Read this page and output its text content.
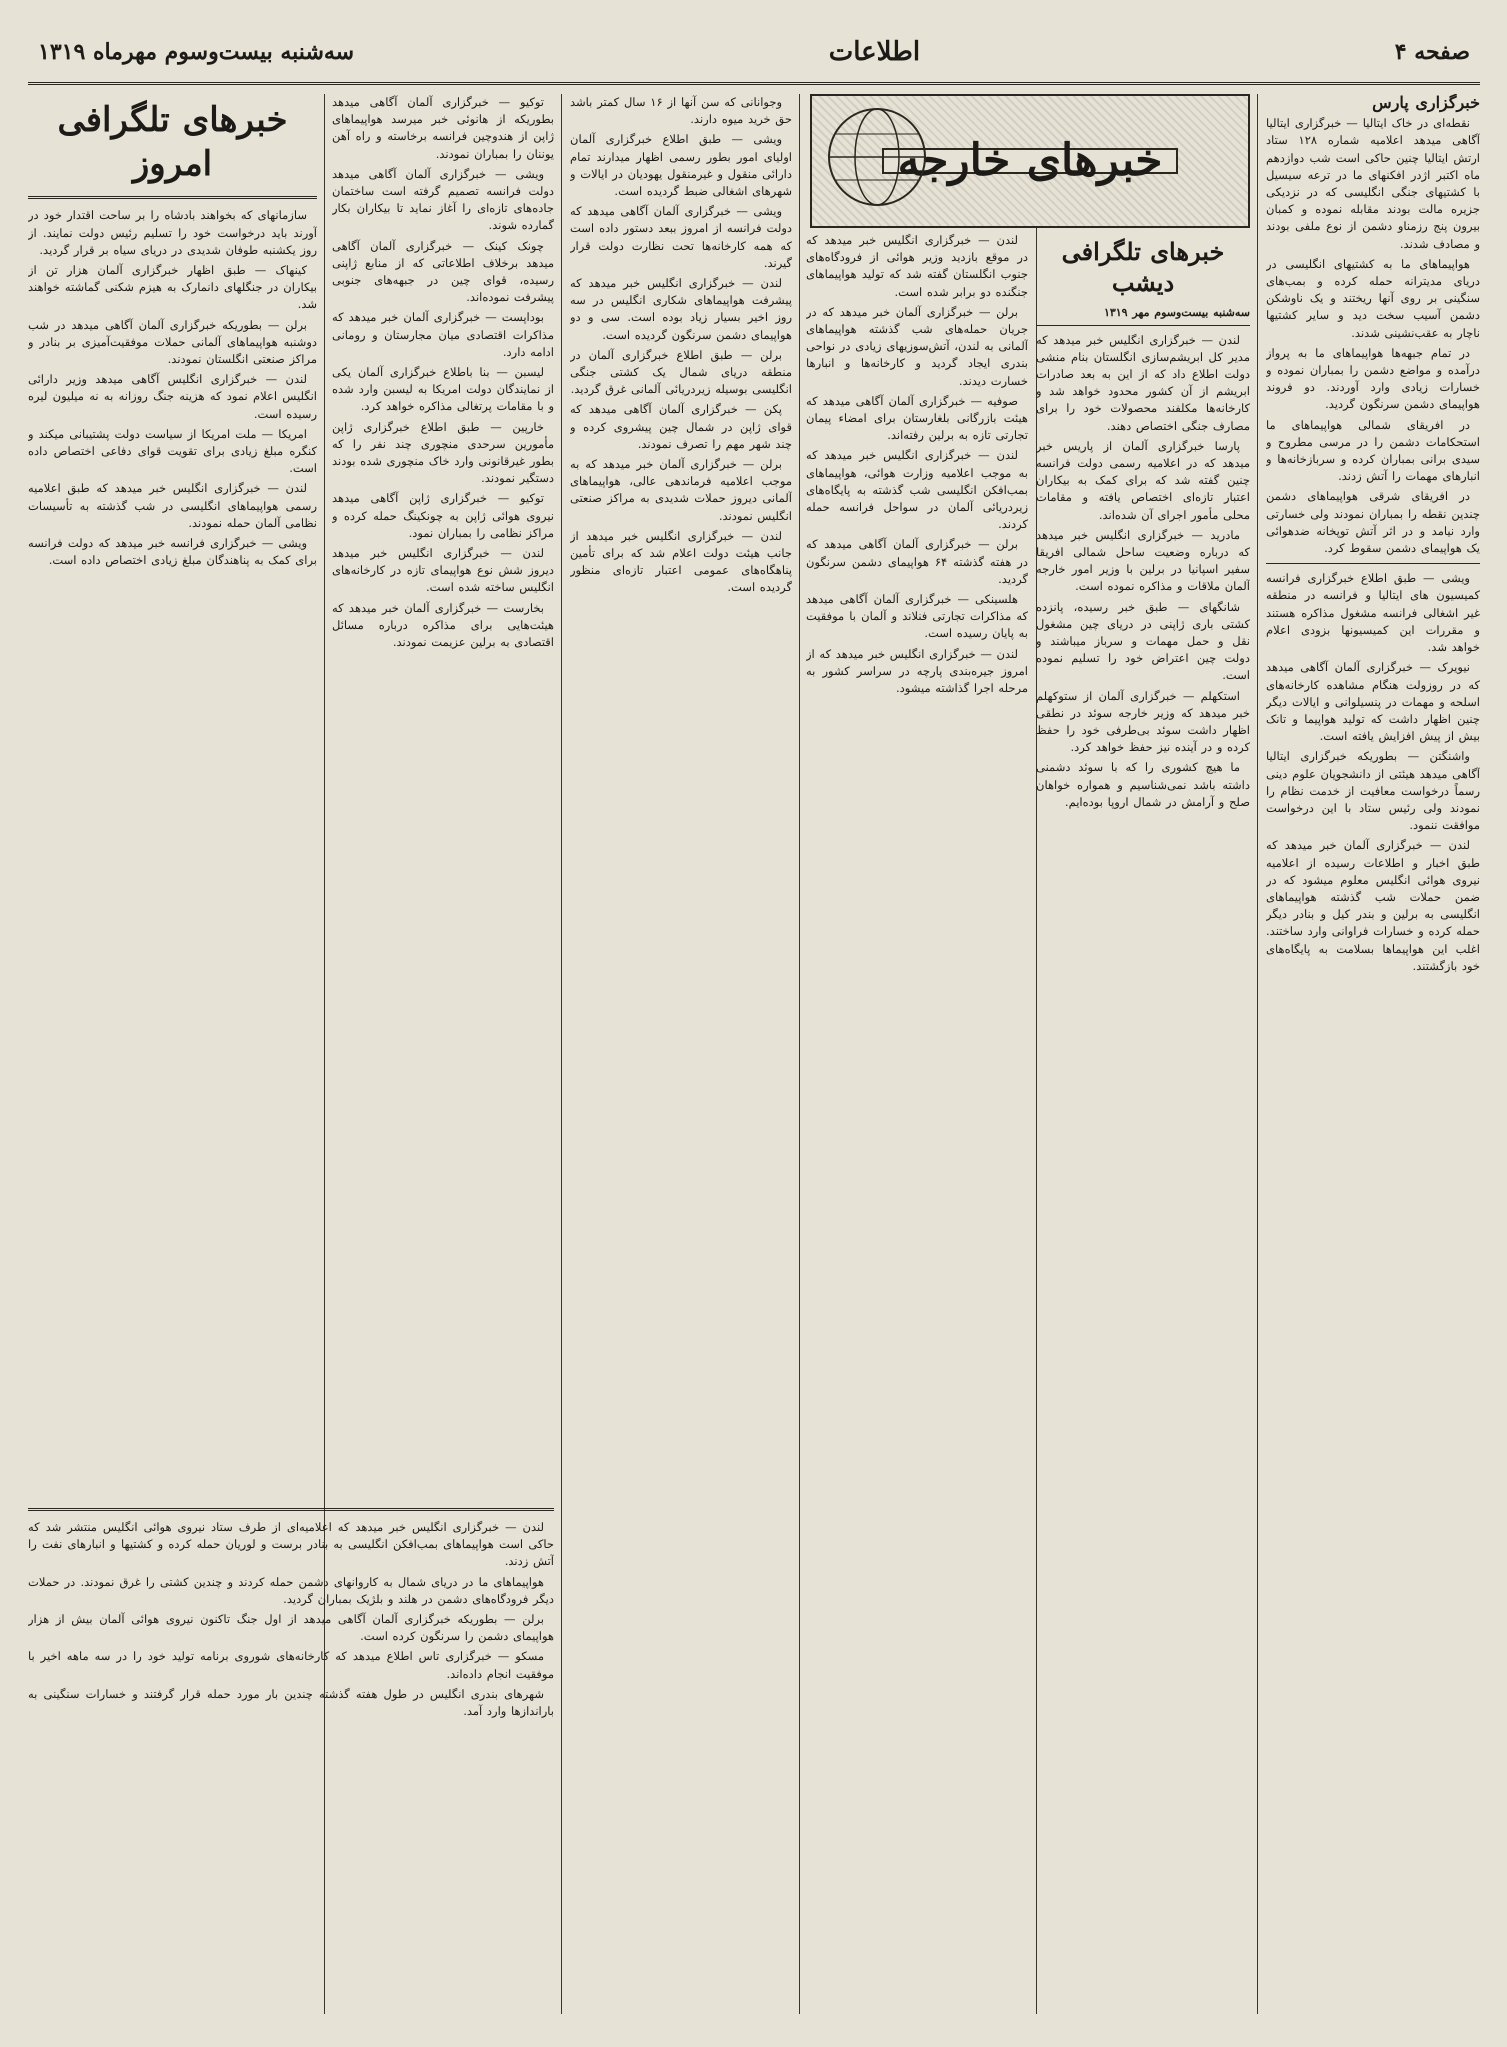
صفحه ۴
اطلاعات
سه‌شنبه بیست‌وسوم مهرماه ۱۳۱۹
خبرگزاری پارس

نقطه‌ای در خاک ایتالیا — خبرگزاری ایتالیا آگاهی میدهد اعلامیه شماره ۱۲۸ ستاد ارتش ایتالیا چنین حاکی است شب دوازدهم ماه اکتبر اژدر افکنهای ما در ترعه سیسیل با کشتیهای جنگی انگلیسی که در نزدیکی جزیره مالت بودند مقابله نموده و کمبان بیرون پنج رزمناو دشمن از نوع ملفی بودند و مصادف شدند.

هواپیماهای ما به کشتیهای انگلیسی در دریای مدیترانه حمله کرده و بمب‌های سنگینی بر روی آنها ریختند و یک ناوشکن دشمن آسیب سخت دید و سایر کشتیها ناچار به عقب‌نشینی شدند.

در تمام جبهه‌ها هواپیماهای ما به پرواز درآمده و مواضع دشمن را بمباران نموده و خسارات زیادی وارد آوردند. دو فروند هواپیمای دشمن سرنگون گردید.

در افریقای شمالی هواپیماهای ما استحکامات دشمن را در مرسی مطروح و سیدی برانی بمباران کرده و سربازخانه‌ها و انبارهای مهمات را آتش زدند.

در افریقای شرقی هواپیماهای دشمن چندین نقطه را بمباران نمودند ولی خسارتی وارد نیامد و در اثر آتش توپخانه ضدهوائی یک هواپیمای دشمن سقوط کرد.

ویشی — طبق اطلاع خبرگزاری فرانسه کمیسیون های ایتالیا و فرانسه در منطقه غیر اشغالی فرانسه مشغول مذاکره هستند و مقررات این کمیسیونها بزودی اعلام خواهد شد.

نیویرک — خبرگزاری آلمان آگاهی میدهد که در روزولت هنگام مشاهده کارخانه‌های اسلحه و مهمات در پنسیلوانی و ایالات دیگر چنین اظهار داشت که تولید هواپیما و تانک بیش از پیش افزایش یافته است.

واشنگتن — بطوریکه خبرگزاری ایتالیا آگاهی میدهد هیئتی از دانشجویان علوم دینی رسماً درخواست معافیت از خدمت نظام را نمودند ولی رئیس ستاد با این درخواست موافقت ننمود.

لندن — خبرگزاری آلمان خبر میدهد که طبق اخبار و اطلاعات رسیده از اعلامیه نیروی هوائی انگلیس معلوم میشود که در ضمن حملات شب گذشته هواپیماهای انگلیسی به برلین و بندر کیل و بنادر دیگر حمله کرده و خسارات فراوانی وارد ساختند. اغلب این هواپیماها بسلامت به پایگاه‌های خود بازگشتند.

خبرهای خارجه

لندن — خبرگزاری انگلیس خبر میدهد که در موقع بازدید وزیر هوائی از فرودگاه‌های جنوب انگلستان گفته شد که تولید هواپیماهای جنگنده دو برابر شده است.

برلن — خبرگزاری آلمان خبر میدهد که در جریان حمله‌های شب گذشته هواپیماهای آلمانی به لندن، آتش‌سوزیهای زیادی در نواحی بندری ایجاد گردید و کارخانه‌ها و انبارها خسارت دیدند.

صوفیه — خبرگزاری آلمان آگاهی میدهد که هیئت بازرگانی بلغارستان برای امضاء پیمان تجارتی تازه به برلین رفته‌اند.

لندن — خبرگزاری انگلیس خبر میدهد که به موجب اعلامیه وزارت هوائی، هواپیماهای بمب‌افکن انگلیسی شب گذشته به پایگاه‌های زیردریائی آلمان در سواحل فرانسه حمله کردند.

برلن — خبرگزاری آلمان آگاهی میدهد که در هفته گذشته ۶۴ هواپیمای دشمن سرنگون گردید.

هلسینکی — خبرگزاری آلمان آگاهی میدهد که مذاکرات تجارتی فنلاند و آلمان با موفقیت به پایان رسیده است.

لندن — خبرگزاری انگلیس خبر میدهد که از امروز جیره‌بندی پارچه در سراسر کشور به مرحله اجرا گذاشته میشود.

خبرهای تلگرافی دیشب
سه‌شنبه بیست‌وسوم مهر ۱۳۱۹

لندن — خبرگزاری انگلیس خبر میدهد که مدیر کل ابریشم‌سازی انگلستان بنام منشی دولت اطلاع داد که از این به بعد صادرات ابریشم از آن کشور محدود خواهد شد و کارخانه‌ها مکلفند محصولات خود را برای مصارف جنگی اختصاص دهند.

پارسا خبرگزاری آلمان از پاریس خبر میدهد که در اعلامیه رسمی دولت فرانسه چنین گفته شد که برای کمک به بیکاران اعتبار تازه‌ای اختصاص یافته و مقامات محلی مأمور اجرای آن شده‌اند.

مادرید — خبرگزاری انگلیس خبر میدهد که درباره وضعیت ساحل شمالی افریقا سفیر اسپانیا در برلین با وزیر امور خارجه آلمان ملاقات و مذاکره نموده است.

شانگهای — طبق خبر رسیده، پانزده کشتی باری ژاپنی در دریای چین مشغول نقل و حمل مهمات و سرباز میباشند و دولت چین اعتراض خود را تسلیم نموده است.

استکهلم — خبرگزاری آلمان از ستوکهلم خبر میدهد که وزیر خارجه سوئد در نطقی اظهار داشت سوئد بی‌طرفی خود را حفظ کرده و در آینده نیز حفظ خواهد کرد.

ما هیچ کشوری را که با سوئد دشمنی داشته باشد نمی‌شناسیم و همواره خواهان صلح و آرامش در شمال اروپا بوده‌ایم.

وجوانانی که سن آنها از ۱۶ سال کمتر باشد حق خرید میوه دارند.

ویشی — طبق اطلاع خبرگزاری آلمان اولیای امور بطور رسمی اظهار میدارند تمام دارائی منقول و غیرمنقول یهودیان در ایالات و شهرهای اشغالی ضبط گردیده است.

ویشی — خبرگزاری آلمان آگاهی میدهد که دولت فرانسه از امروز ببعد دستور داده است که همه کارخانه‌ها تحت نظارت دولت قرار گیرند.

لندن — خبرگزاری انگلیس خبر میدهد که پیشرفت هواپیماهای شکاری انگلیس در سه روز اخیر بسیار زیاد بوده است. سی و دو هواپیمای دشمن سرنگون گردیده است.

برلن — طبق اطلاع خبرگزاری آلمان در منطقه دریای شمال یک کشتی جنگی انگلیسی بوسیله زیردریائی آلمانی غرق گردید.

پکن — خبرگزاری آلمان آگاهی میدهد که قوای ژاپن در شمال چین پیشروی کرده و چند شهر مهم را تصرف نمودند.

برلن — خبرگزاری آلمان خبر میدهد که به موجب اعلامیه فرماندهی عالی، هواپیماهای آلمانی دیروز حملات شدیدی به مراکز صنعتی انگلیس نمودند.

لندن — خبرگزاری انگلیس خبر میدهد از جانب هیئت دولت اعلام شد که برای تأمین پناهگاه‌های عمومی اعتبار تازه‌ای منظور گردیده است.

توکیو — خبرگزاری آلمان آگاهی میدهد بطوریکه از هانوئی خبر میرسد هواپیماهای ژاپن از هندوچین فرانسه برخاسته و راه آهن یوننان را بمباران نمودند.

ویشی — خبرگزاری آلمان آگاهی میدهد دولت فرانسه تصمیم گرفته است ساختمان جاده‌های تازه‌ای را آغاز نماید تا بیکاران بکار گمارده شوند.

چونک کینک — خبرگزاری آلمان آگاهی میدهد برخلاف اطلاعاتی که از منابع ژاپنی رسیده، قوای چین در جبهه‌های جنوبی پیشرفت نموده‌اند.

بوداپست — خبرگزاری آلمان خبر میدهد که مذاکرات اقتصادی میان مجارستان و رومانی ادامه دارد.

لیسبن — بنا باطلاع خبرگزاری آلمان یکی از نمایندگان دولت امریکا به لیسبن وارد شده و با مقامات پرتغالی مذاکره خواهد کرد.

خارپین — طبق اطلاع خبرگزاری ژاپن مأمورین سرحدی منچوری چند نفر را که بطور غیرقانونی وارد خاک منچوری شده بودند دستگیر نمودند.

توکیو — خبرگزاری ژاپن آگاهی میدهد نیروی هوائی ژاپن به چونکینگ حمله کرده و مراکز نظامی را بمباران نمود.

لندن — خبرگزاری انگلیس خبر میدهد دیروز شش نوع هواپیمای تازه در کارخانه‌های انگلیس ساخته شده است.

بخارست — خبرگزاری آلمان خبر میدهد که هیئت‌هایی برای مذاکره درباره مسائل اقتصادی به برلین عزیمت نمودند.

خبرهای تلگرافی امروز

سازمانهای که بخواهند بادشاه را بر ساحت اقتدار خود در آورند باید درخواست خود را تسلیم رئیس دولت نمایند. از روز یکشنبه طوفان شدیدی در دریای سیاه بر قرار گردید.

کینهاک — طبق اظهار خبرگزاری آلمان هزار تن از بیکاران در جنگلهای دانمارک به هیزم شکنی گماشته خواهند شد.

برلن — بطوریکه خبرگزاری آلمان آگاهی میدهد در شب دوشنبه هواپیماهای آلمانی حملات موفقیت‌آمیزی بر بنادر و مراکز صنعتی انگلستان نمودند.

لندن — خبرگزاری انگلیس آگاهی میدهد وزیر دارائی انگلیس اعلام نمود که هزینه جنگ روزانه به نه میلیون لیره رسیده است.

امریکا — ملت امریکا از سیاست دولت پشتیبانی میکند و کنگره مبلغ زیادی برای تقویت قوای دفاعی اختصاص داده است.

لندن — خبرگزاری انگلیس خبر میدهد که طبق اعلامیه رسمی هواپیماهای انگلیسی در شب گذشته به تأسیسات نظامی آلمان حمله نمودند.

ویشی — خبرگزاری فرانسه خبر میدهد که دولت فرانسه برای کمک به پناهندگان مبلغ زیادی اختصاص داده است.

لندن — خبرگزاری انگلیس خبر میدهد که اعلامیه‌ای از طرف ستاد نیروی هوائی انگلیس منتشر شد که حاکی است هواپیماهای بمب‌افکن انگلیسی به بنادر برست و لوریان حمله کرده و کشتیها و انبارهای نفت را آتش زدند.

هواپیماهای ما در دریای شمال به کاروانهای دشمن حمله کردند و چندین کشتی را غرق نمودند. در حملات دیگر فرودگاه‌های دشمن در هلند و بلژیک بمباران گردید.

برلن — بطوریکه خبرگزاری آلمان آگاهی میدهد از اول جنگ تاکنون نیروی هوائی آلمان بیش از هزار هواپیمای دشمن را سرنگون کرده است.

مسکو — خبرگزاری تاس اطلاع میدهد که کارخانه‌های شوروی برنامه تولید خود را در سه ماهه اخیر با موفقیت انجام داده‌اند.

شهرهای بندری انگلیس در طول هفته گذشته چندین بار مورد حمله قرار گرفتند و خسارات سنگینی به بارانداز‌ها وارد آمد.
